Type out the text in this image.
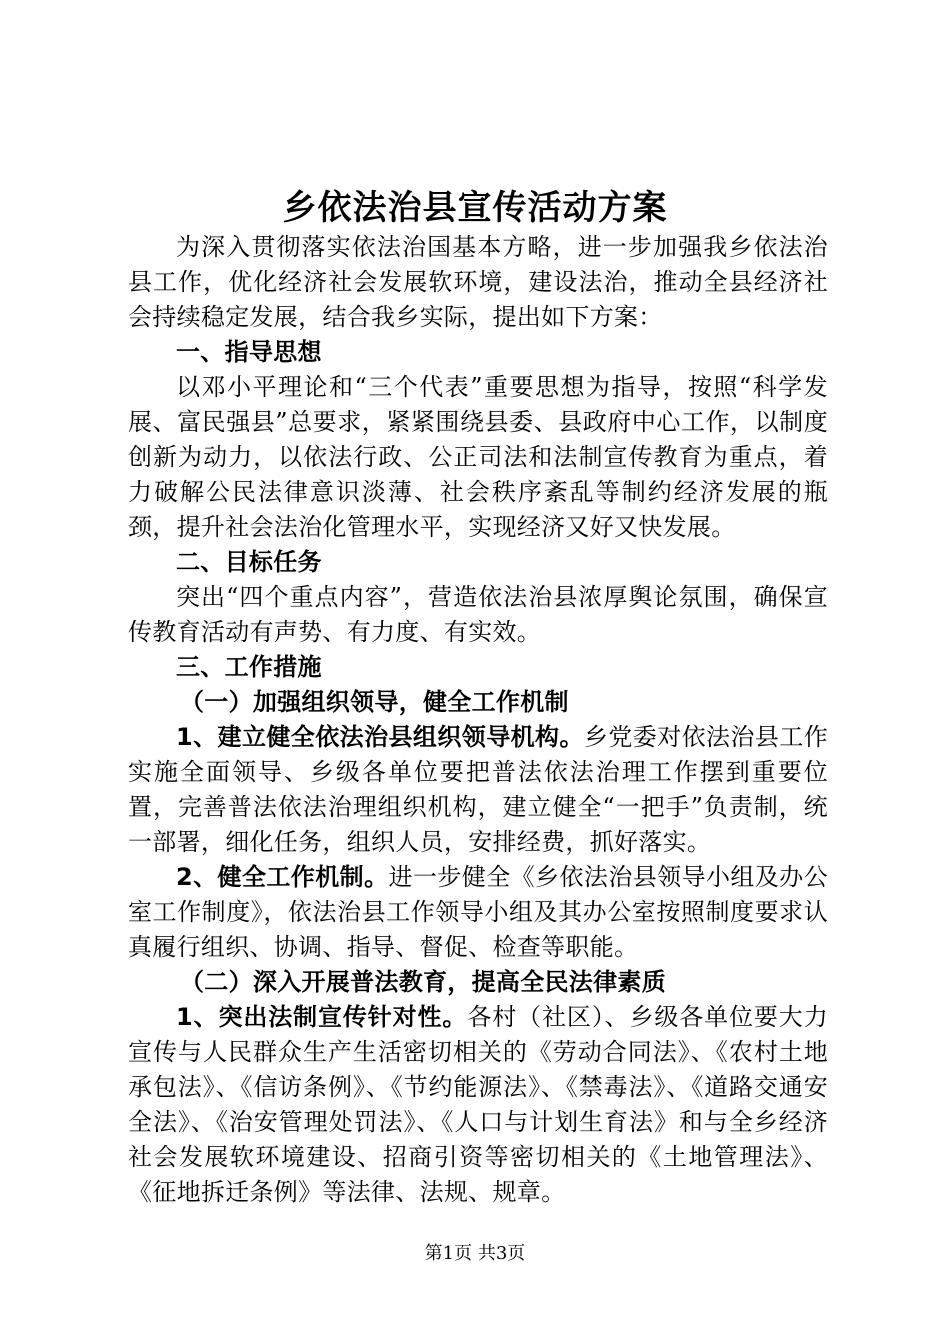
乡依法治县宣传活动方案

为深入贯彻落实依法治国基本方略，进一步加强我乡依法治县工作，优化经济社会发展软环境，建设法治，推动全县经济社会持续稳定发展，结合我乡实际，提出如下方案：

一、指导思想

以邓小平理论和“三个代表”重要思想为指导，按照“科学发展、富民强县”总要求，紧紧围绕县委、县政府中心工作，以制度创新为动力，以依法行政、公正司法和法制宣传教育为重点，着力破解公民法律意识淡薄、社会秩序紊乱等制约经济发展的瓶颈，提升社会法治化管理水平，实现经济又好又快发展。

二、目标任务

突出“四个重点内容”，营造依法治县浓厚舆论氛围，确保宣传教育活动有声势、有力度、有实效。

三、工作措施

（一）加强组织领导，健全工作机制

1、建立健全依法治县组织领导机构。乡党委对依法治县工作实施全面领导、乡级各单位要把普法依法治理工作摆到重要位置，完善普法依法治理组织机构，建立健全“一把手”负责制，统一部署，细化任务，组织人员，安排经费，抓好落实。

2、健全工作机制。进一步健全《乡依法治县领导小组及办公室工作制度》，依法治县工作领导小组及其办公室按照制度要求认真履行组织、协调、指导、督促、检查等职能。

（二）深入开展普法教育，提高全民法律素质

1、突出法制宣传针对性。各村（社区）、乡级各单位要大力宣传与人民群众生产生活密切相关的《劳动合同法》、《农村土地承包法》、《信访条例》、《节约能源法》、《禁毒法》、《道路交通安全法》、《治安管理处罚法》、《人口与计划生育法》和与全乡经济社会发展软环境建设、招商引资等密切相关的《土地管理法》、《征地拆迁条例》等法律、法规、规章。

第1页 共3页
